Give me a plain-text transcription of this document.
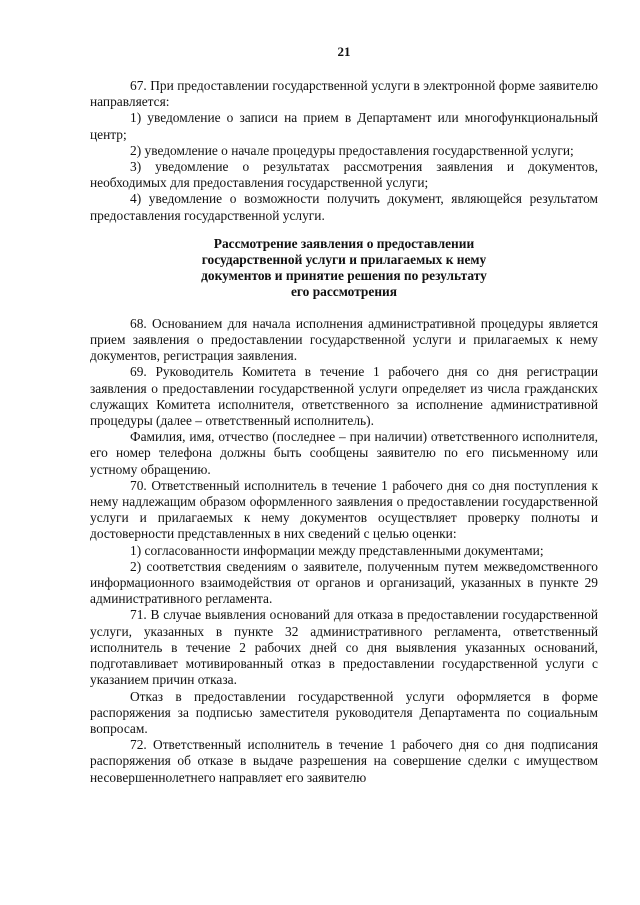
21

67. При предоставлении государственной услуги в электронной форме заявителю направляется:

1) уведомление о записи на прием в Департамент или многофункциональный центр;

2) уведомление о начале процедуры предоставления государственной услуги;

3) уведомление о результатах рассмотрения заявления и документов, необходимых для предоставления государственной услуги;

4) уведомление о возможности получить документ, являющейся результатом предоставления государственной услуги.

Рассмотрение заявления о предоставлении
государственной услуги и прилагаемых к нему
документов и принятие решения по результату
его рассмотрения

68. Основанием для начала исполнения административной процедуры является прием заявления о предоставлении государственной услуги и прилагаемых к нему документов, регистрация заявления.

69. Руководитель Комитета в течение 1 рабочего дня со дня регистрации заявления о предоставлении государственной услуги определяет из числа гражданских служащих Комитета исполнителя, ответственного за исполнение административной процедуры (далее – ответственный исполнитель).

Фамилия, имя, отчество (последнее – при наличии) ответственного исполнителя, его номер телефона должны быть сообщены заявителю по его письменному или устному обращению.

70. Ответственный исполнитель в течение 1 рабочего дня со дня поступления к нему надлежащим образом оформленного заявления о предоставлении государственной услуги и прилагаемых к нему документов осуществляет проверку полноты и достоверности представленных в них сведений с целью оценки:

1) согласованности информации между представленными документами;

2) соответствия сведениям о заявителе, полученным путем межведомственного информационного взаимодействия от органов и организаций, указанных в пункте 29 административного регламента.

71. В случае выявления оснований для отказа в предоставлении государственной услуги, указанных в пункте 32 административного регламента, ответственный исполнитель в течение 2 рабочих дней со дня выявления указанных оснований, подготавливает мотивированный отказ в предоставлении государственной услуги с указанием причин отказа.

Отказ в предоставлении государственной услуги оформляется в форме распоряжения за подписью заместителя руководителя Департамента по социальным вопросам.

72. Ответственный исполнитель в течение 1 рабочего дня со дня подписания распоряжения об отказе в выдаче разрешения на совершение сделки с имуществом несовершеннолетнего направляет его заявителю
